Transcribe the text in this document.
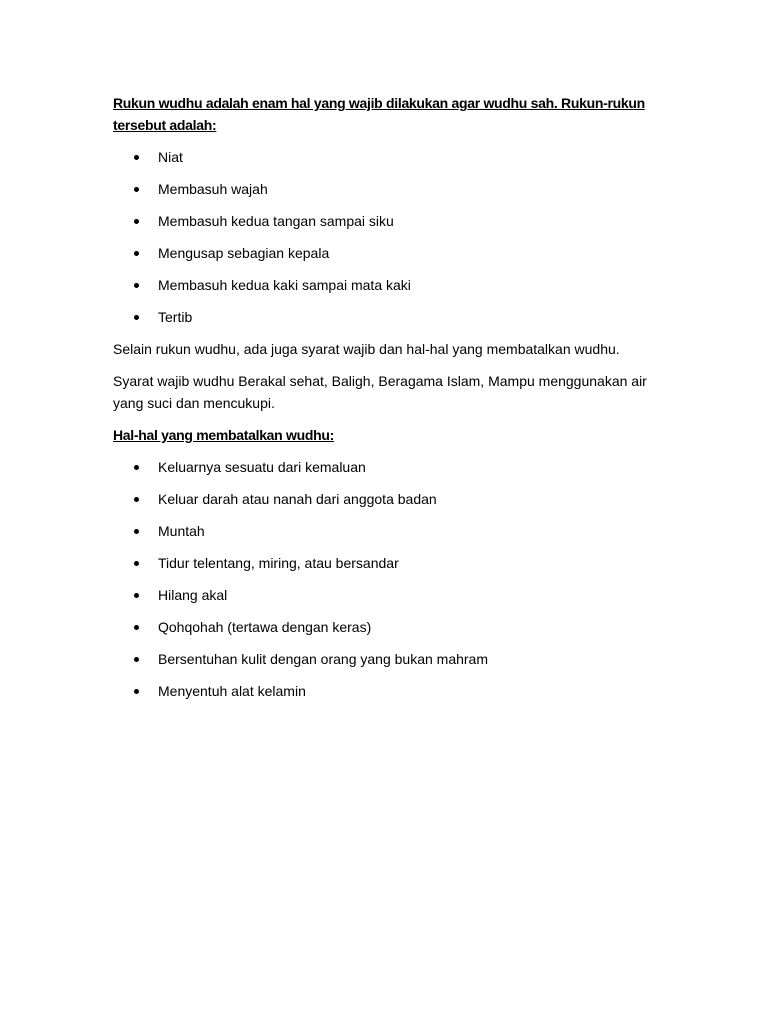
Rukun wudhu adalah enam hal yang wajib dilakukan agar wudhu sah. Rukun-rukun tersebut adalah:

Niat
Membasuh wajah
Membasuh kedua tangan sampai siku
Mengusap sebagian kepala
Membasuh kedua kaki sampai mata kaki
Tertib

Selain rukun wudhu, ada juga syarat wajib dan hal-hal yang membatalkan wudhu.

Syarat wajib wudhu Berakal sehat, Baligh, Beragama Islam, Mampu menggunakan air yang suci dan mencukupi.

Hal-hal yang membatalkan wudhu:

Keluarnya sesuatu dari kemaluan
Keluar darah atau nanah dari anggota badan
Muntah
Tidur telentang, miring, atau bersandar
Hilang akal
Qohqohah (tertawa dengan keras)
Bersentuhan kulit dengan orang yang bukan mahram
Menyentuh alat kelamin
